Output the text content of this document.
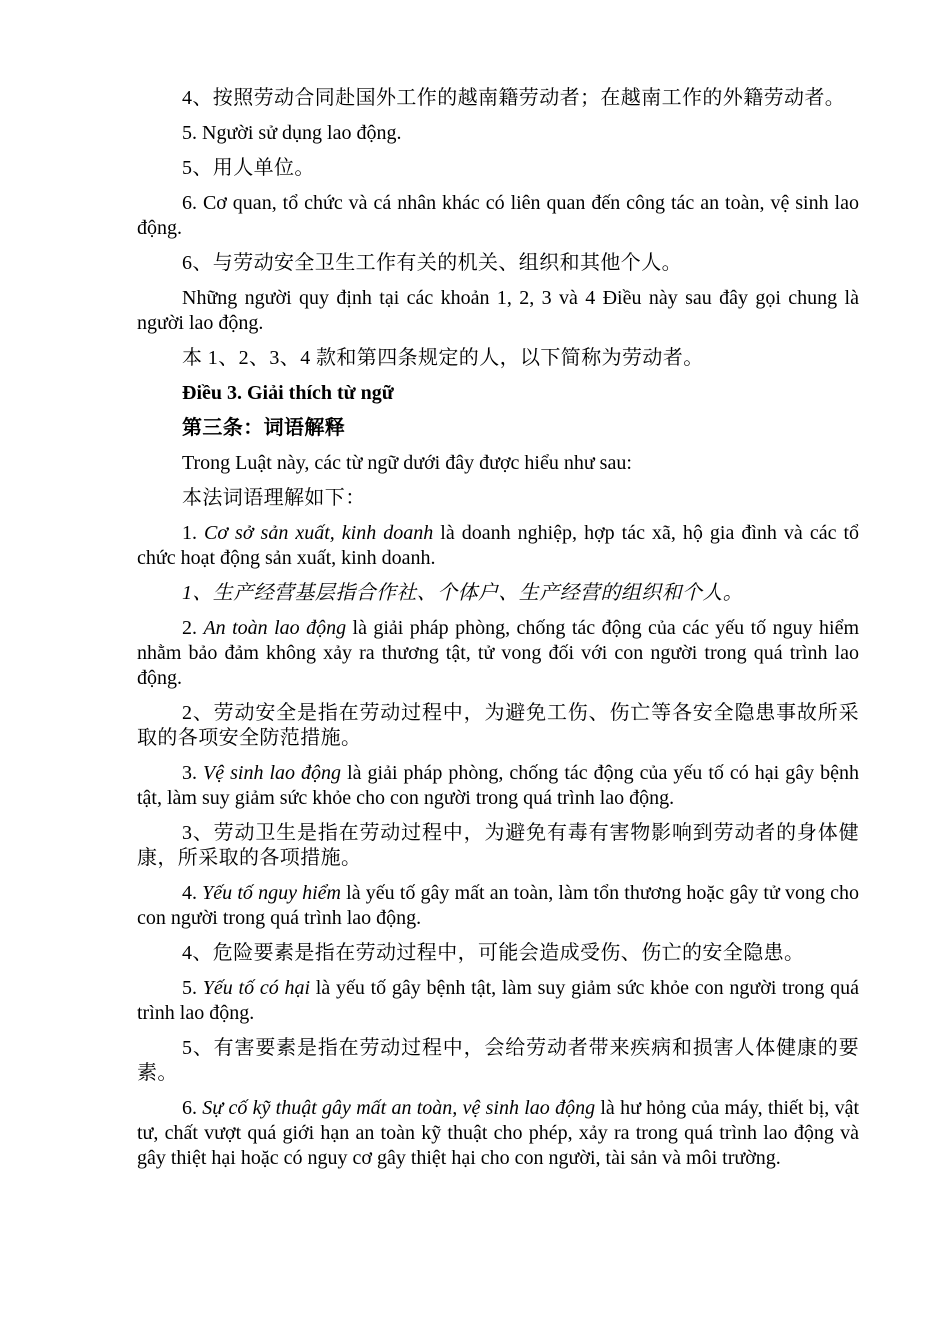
4、按照劳动合同赴国外工作的越南籍劳动者；在越南工作的外籍劳动者。

5. Người sử dụng lao động.

5、用人单位。

6. Cơ quan, tổ chức và cá nhân khác có liên quan đến công tác an toàn, vệ sinh lao động.

6、与劳动安全卫生工作有关的机关、组织和其他个人。

Những người quy định tại các khoản 1, 2, 3 và 4 Điều này sau đây gọi chung là người lao động.

本 1、2、3、4 款和第四条规定的人，以下简称为劳动者。

Điều 3. Giải thích từ ngữ

第三条：词语解释

Trong Luật này, các từ ngữ dưới đây được hiểu như sau:

本法词语理解如下：

1. Cơ sở sản xuất, kinh doanh là doanh nghiệp, hợp tác xã, hộ gia đình và các tổ chức hoạt động sản xuất, kinh doanh.

1、生产经营基层指合作社、个体户、生产经营的组织和个人。

2. An toàn lao động là giải pháp phòng, chống tác động của các yếu tố nguy hiểm nhằm bảo đảm không xảy ra thương tật, tử vong đối với con người trong quá trình lao động.

2、劳动安全是指在劳动过程中，为避免工伤、伤亡等各安全隐患事故所采取的各项安全防范措施。

3. Vệ sinh lao động là giải pháp phòng, chống tác động của yếu tố có hại gây bệnh tật, làm suy giảm sức khỏe cho con người trong quá trình lao động.

3、劳动卫生是指在劳动过程中，为避免有毒有害物影响到劳动者的身体健康，所采取的各项措施。

4. Yếu tố nguy hiểm là yếu tố gây mất an toàn, làm tổn thương hoặc gây tử vong cho con người trong quá trình lao động.

4、危险要素是指在劳动过程中，可能会造成受伤、伤亡的安全隐患。

5. Yếu tố có hại là yếu tố gây bệnh tật, làm suy giảm sức khỏe con người trong quá trình lao động.

5、有害要素是指在劳动过程中，会给劳动者带来疾病和损害人体健康的要素。

6. Sự cố kỹ thuật gây mất an toàn, vệ sinh lao động là hư hỏng của máy, thiết bị, vật tư, chất vượt quá giới hạn an toàn kỹ thuật cho phép, xảy ra trong quá trình lao động và gây thiệt hại hoặc có nguy cơ gây thiệt hại cho con người, tài sản và môi trường.
